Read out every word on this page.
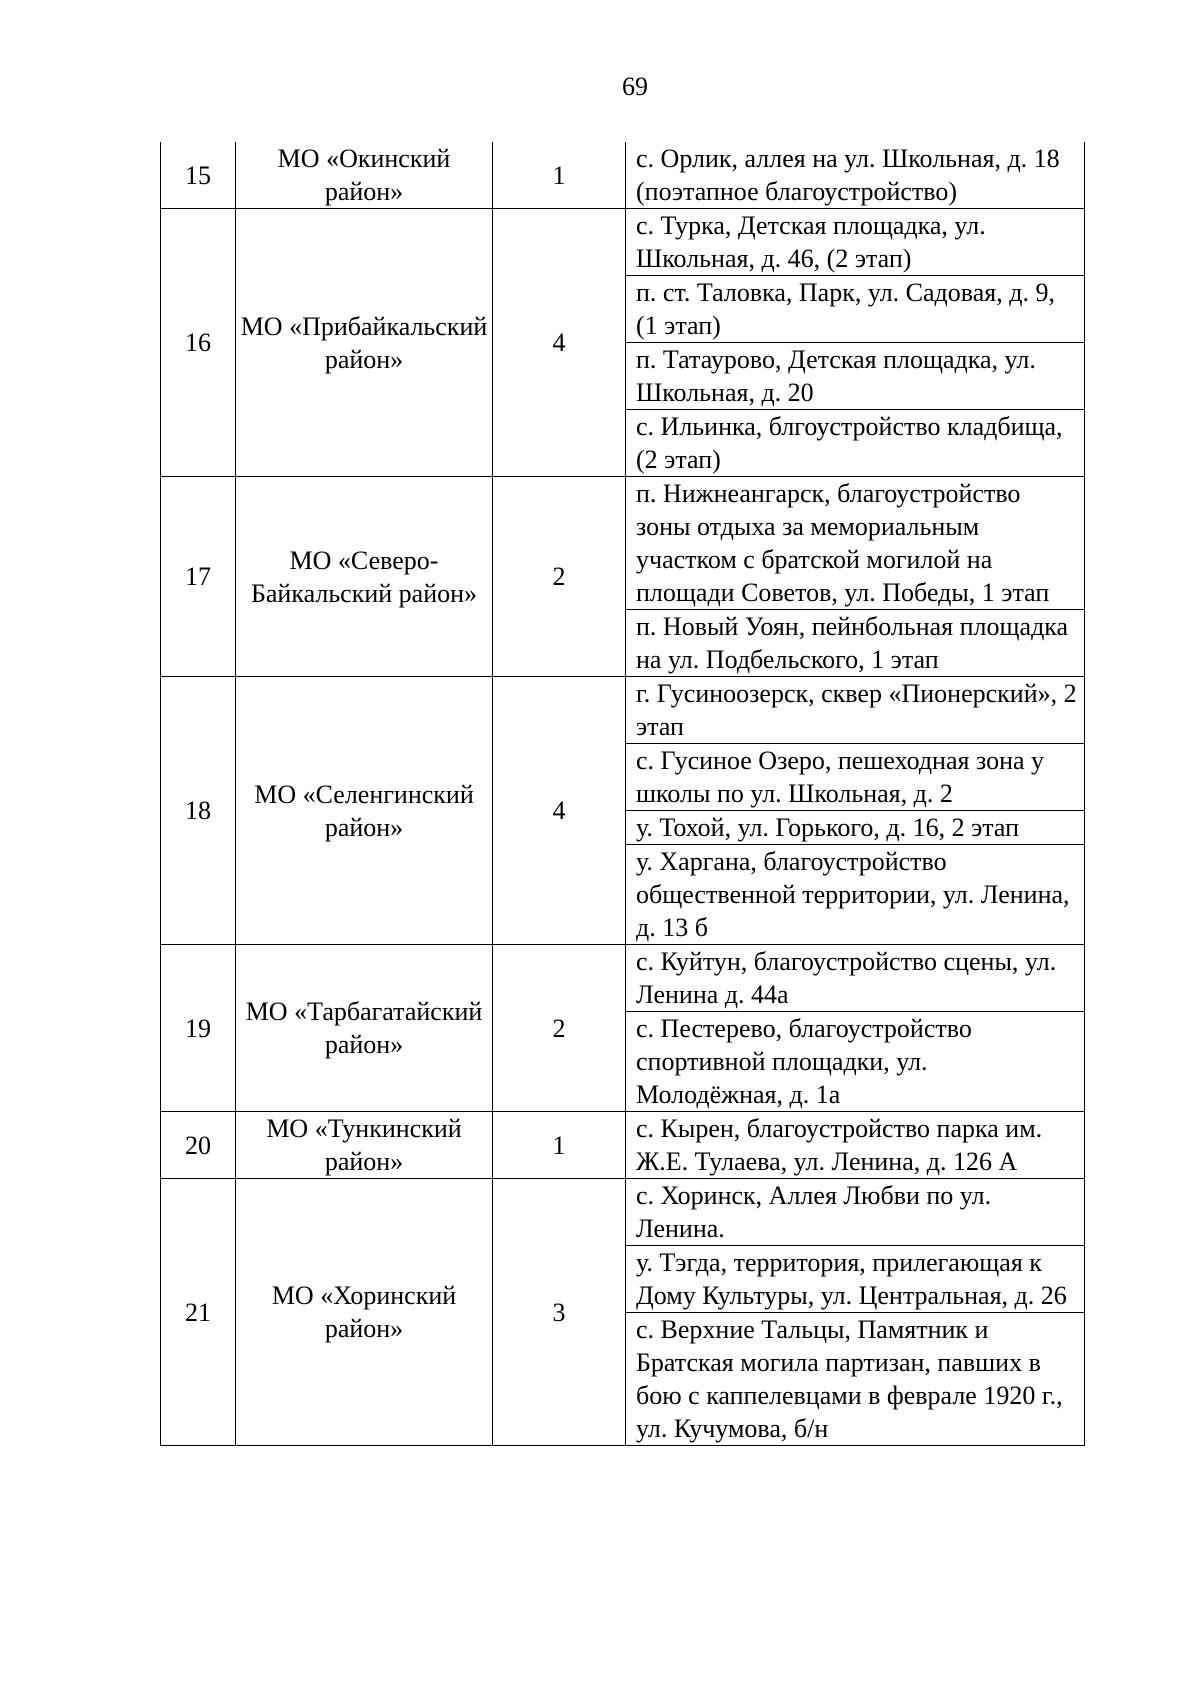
69
15	МО «Окинский район»	1	с. Орлик, аллея на ул. Школьная, д. 18 (поэтапное благоустройство)
16	МО «Прибайкальский район»	4	с. Турка, Детская площадка, ул. Школьная, д. 46, (2 этап)
			п. ст. Таловка, Парк, ул. Садовая, д. 9, (1 этап)
			п. Татаурово, Детская площадка, ул. Школьная, д. 20
			с. Ильинка, блгоустройство кладбища, (2 этап)
17	МО «Северо-Байкальский район»	2	п. Нижнеангарск, благоустройство зоны отдыха за мемориальным участком с братской могилой на площади Советов, ул. Победы, 1 этап
			п. Новый Уоян, пейнбольная площадка на ул. Подбельского, 1 этап
18	МО «Селенгинский район»	4	г. Гусиноозерск, сквер «Пионерский», 2 этап
			с. Гусиное Озеро, пешеходная зона у школы по ул. Школьная, д. 2
			у. Тохой, ул. Горького, д. 16, 2 этап
			у. Харгана, благоустройство общественной территории, ул. Ленина, д. 13 б
19	МО «Тарбагатайский район»	2	с. Куйтун, благоустройство сцены, ул. Ленина д. 44а
			с. Пестерево, благоустройство спортивной площадки, ул. Молодёжная, д. 1а
20	МО «Тункинский район»	1	с. Кырен, благоустройство парка им. Ж.Е. Тулаева, ул. Ленина, д. 126 А
21	МО «Хоринский район»	3	с. Хоринск, Аллея Любви по ул. Ленина.
			у. Тэгда, территория, прилегающая к Дому Культуры, ул. Центральная, д. 26
			с. Верхние Тальцы, Памятник и Братская могила партизан, павших в бою с каппелевцами в феврале 1920 г., ул. Кучумова, б/н
